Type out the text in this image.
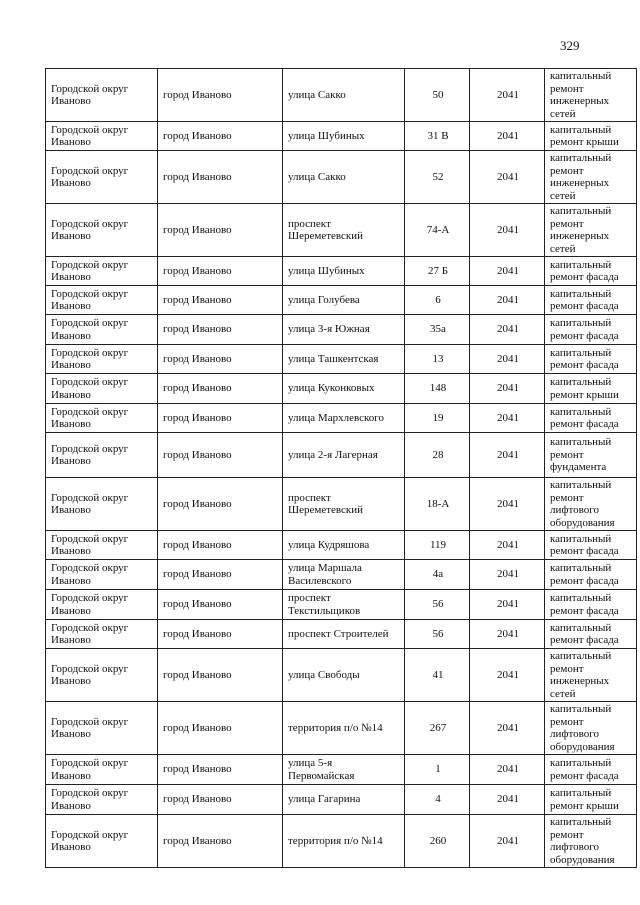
329
Городской округ Иваново	город Иваново	улица Сакко	50	2041	капитальный ремонт инженерных сетей
Городской округ Иваново	город Иваново	улица Шубиных	31 В	2041	капитальный ремонт крыши
Городской округ Иваново	город Иваново	улица Сакко	52	2041	капитальный ремонт инженерных сетей
Городской округ Иваново	город Иваново	проспект Шереметевский	74-А	2041	капитальный ремонт инженерных сетей
Городской округ Иваново	город Иваново	улица Шубиных	27 Б	2041	капитальный ремонт фасада
Городской округ Иваново	город Иваново	улица Голубева	6	2041	капитальный ремонт фасада
Городской округ Иваново	город Иваново	улица 3-я Южная	35а	2041	капитальный ремонт фасада
Городской округ Иваново	город Иваново	улица Ташкентская	13	2041	капитальный ремонт фасада
Городской округ Иваново	город Иваново	улица Куконковых	148	2041	капитальный ремонт крыши
Городской округ Иваново	город Иваново	улица Мархлевского	19	2041	капитальный ремонт фасада
Городской округ Иваново	город Иваново	улица 2-я Лагерная	28	2041	капитальный ремонт фундамента
Городской округ Иваново	город Иваново	проспект Шереметевский	18-А	2041	капитальный ремонт лифтового оборудования
Городской округ Иваново	город Иваново	улица Кудряшова	119	2041	капитальный ремонт фасада
Городской округ Иваново	город Иваново	улица Маршала Василевского	4а	2041	капитальный ремонт фасада
Городской округ Иваново	город Иваново	проспект Текстильщиков	56	2041	капитальный ремонт фасада
Городской округ Иваново	город Иваново	проспект Строителей	56	2041	капитальный ремонт фасада
Городской округ Иваново	город Иваново	улица Свободы	41	2041	капитальный ремонт инженерных сетей
Городской округ Иваново	город Иваново	территория п/о №14	267	2041	капитальный ремонт лифтового оборудования
Городской округ Иваново	город Иваново	улица 5-я Первомайская	1	2041	капитальный ремонт фасада
Городской округ Иваново	город Иваново	улица Гагарина	4	2041	капитальный ремонт крыши
Городской округ Иваново	город Иваново	территория п/о №14	260	2041	капитальный ремонт лифтового оборудования
